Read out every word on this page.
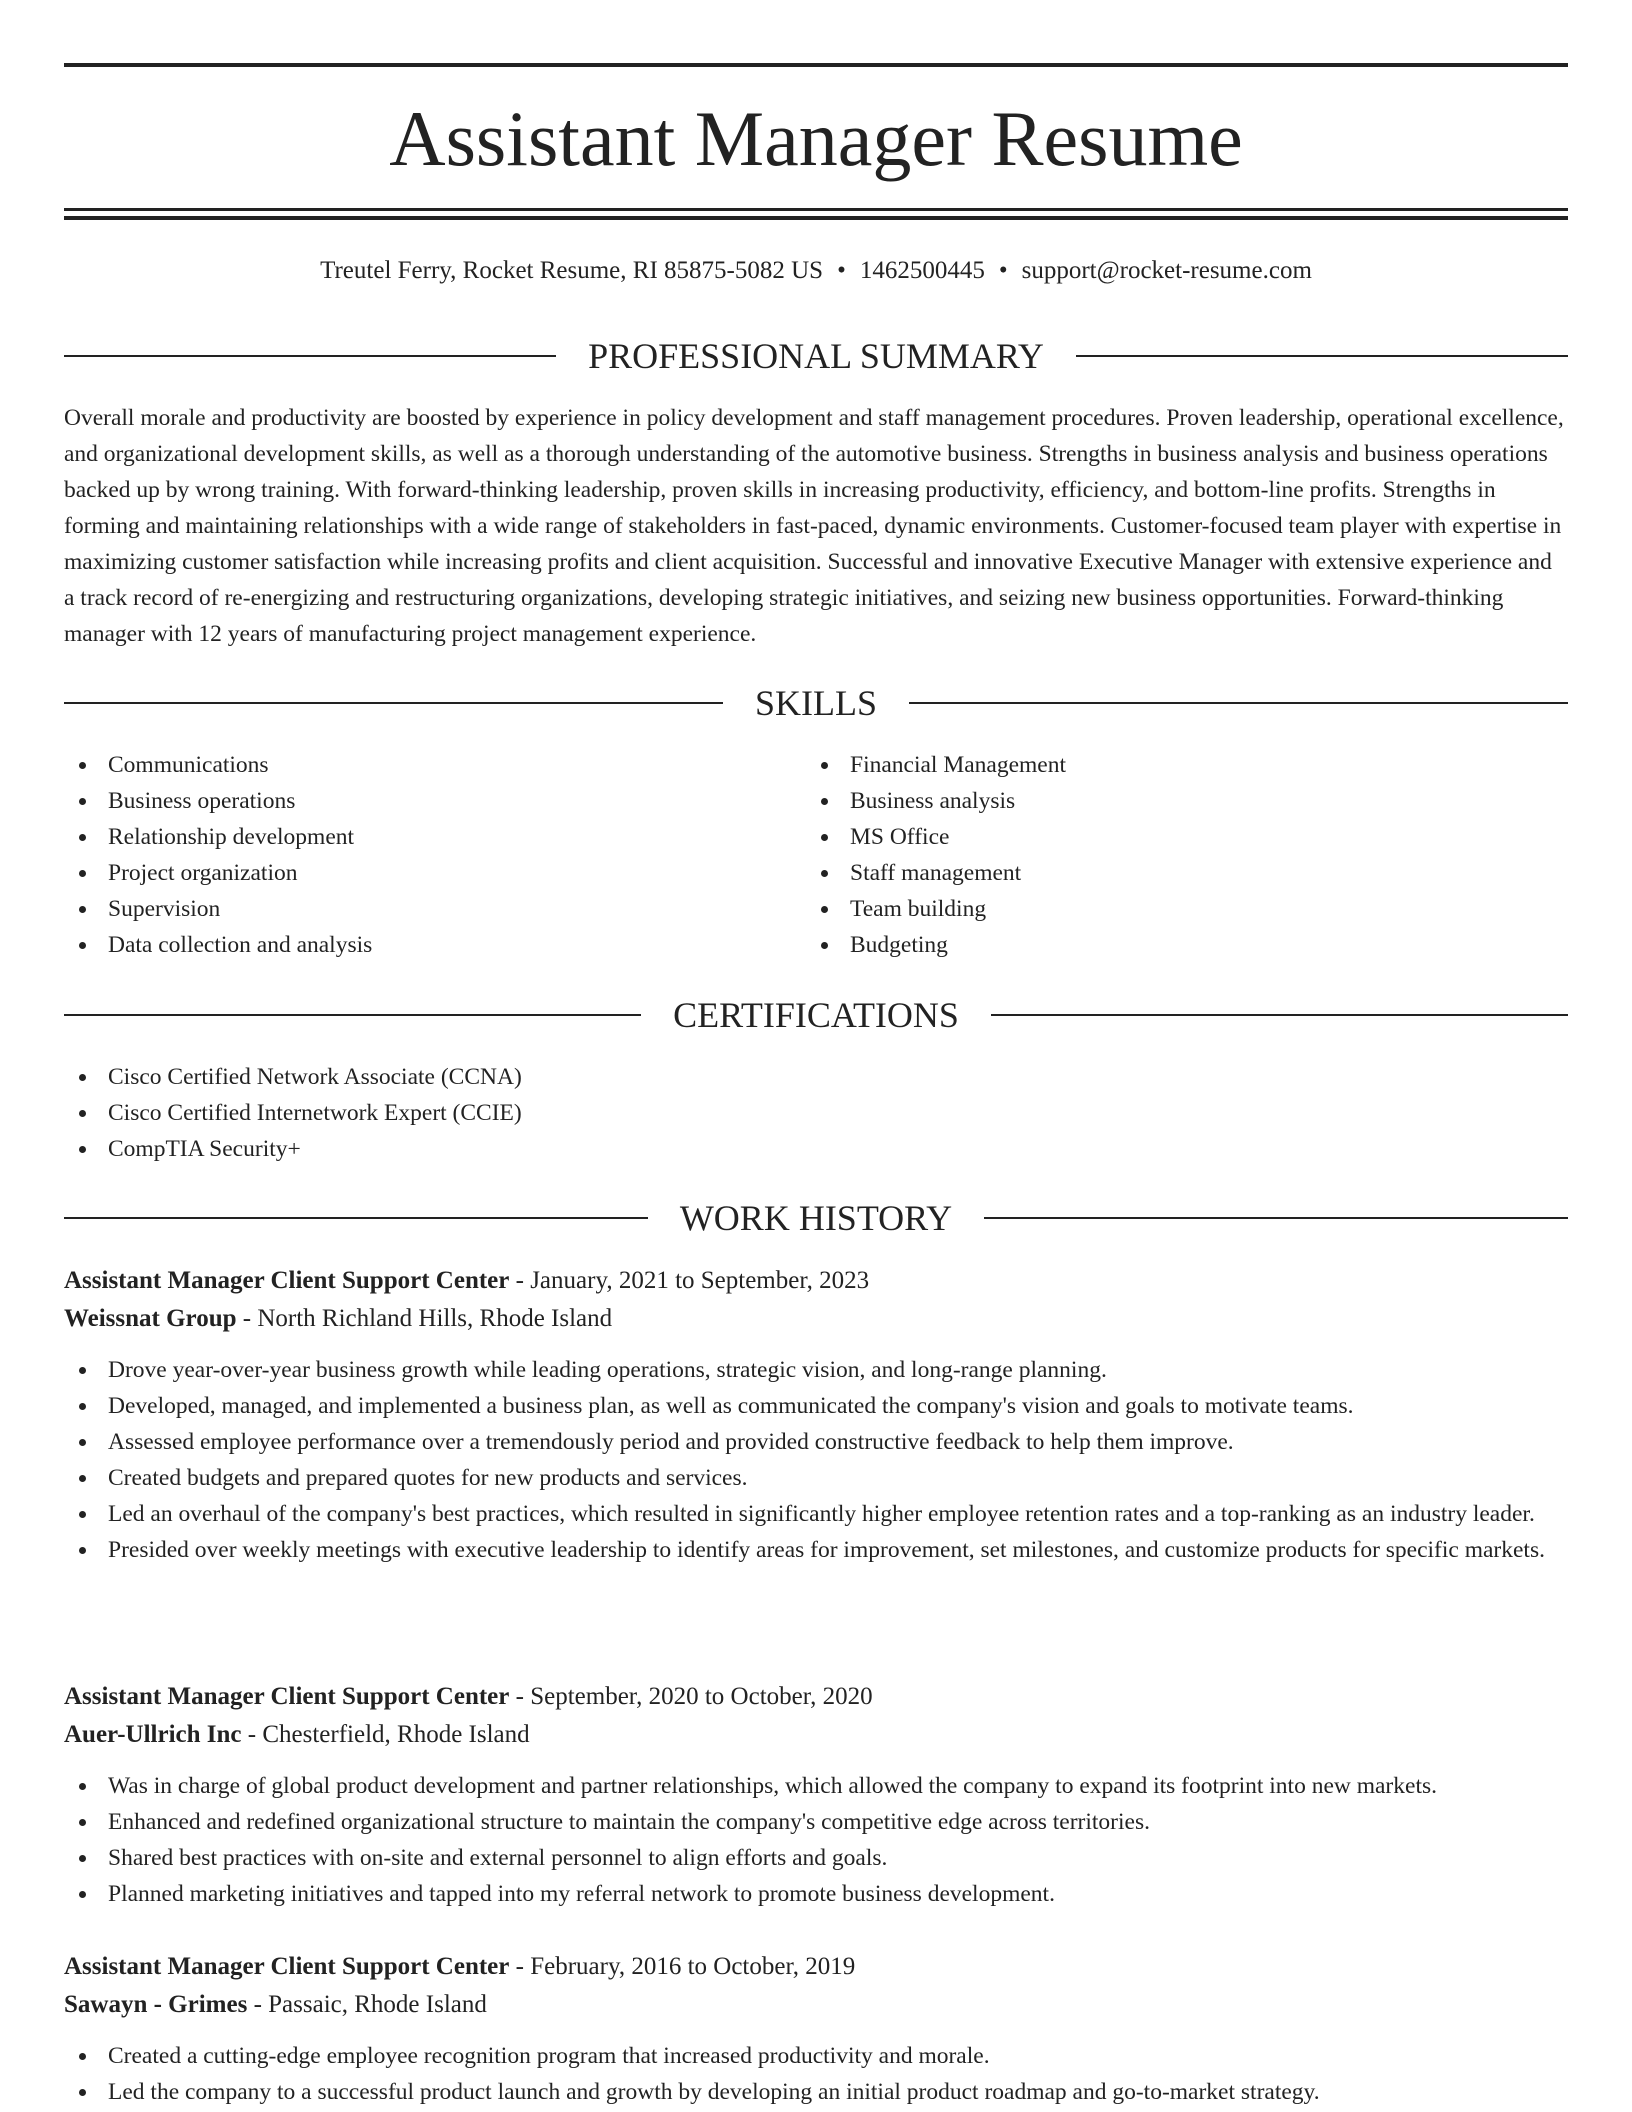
Assistant Manager Resume
Treutel Ferry, Rocket Resume, RI 85875-5082 US • 1462500445 • support@rocket-resume.com
PROFESSIONAL SUMMARY

Overall morale and productivity are boosted by experience in policy development and staff management procedures. Proven leadership, operational excellence, and organizational development skills, as well as a thorough understanding of the automotive business. Strengths in business analysis and business operations backed up by wrong training. With forward-thinking leadership, proven skills in increasing productivity, efficiency, and bottom-line profits. Strengths in forming and maintaining relationships with a wide range of stakeholders in fast-paced, dynamic environments. Customer-focused team player with expertise in maximizing customer satisfaction while increasing profits and client acquisition. Successful and innovative Executive Manager with extensive experience and a track record of re-energizing and restructuring organizations, developing strategic initiatives, and seizing new business opportunities. Forward-thinking manager with 12 years of manufacturing project management experience.

SKILLS
Communications
Business operations
Relationship development
Project organization
Supervision
Data collection and analysis
Financial Management
Business analysis
MS Office
Staff management
Team building
Budgeting
CERTIFICATIONS
Cisco Certified Network Associate (CCNA)
Cisco Certified Internetwork Expert (CCIE)
CompTIA Security+
WORK HISTORY
Assistant Manager Client Support Center - January, 2021 to September, 2023
Weissnat Group - North Richland Hills, Rhode Island
Drove year-over-year business growth while leading operations, strategic vision, and long-range planning.
Developed, managed, and implemented a business plan, as well as communicated the company's vision and goals to motivate teams.
Assessed employee performance over a tremendously period and provided constructive feedback to help them improve.
Created budgets and prepared quotes for new products and services.
Led an overhaul of the company's best practices, which resulted in significantly higher employee retention rates and a top-ranking as an industry leader.
Presided over weekly meetings with executive leadership to identify areas for improvement, set milestones, and customize products for specific markets.
Assistant Manager Client Support Center - September, 2020 to October, 2020
Auer-Ullrich Inc - Chesterfield, Rhode Island
Was in charge of global product development and partner relationships, which allowed the company to expand its footprint into new markets.
Enhanced and redefined organizational structure to maintain the company's competitive edge across territories.
Shared best practices with on-site and external personnel to align efforts and goals.
Planned marketing initiatives and tapped into my referral network to promote business development.
Assistant Manager Client Support Center - February, 2016 to October, 2019
Sawayn - Grimes - Passaic, Rhode Island
Created a cutting-edge employee recognition program that increased productivity and morale.
Led the company to a successful product launch and growth by developing an initial product roadmap and go-to-market strategy.
